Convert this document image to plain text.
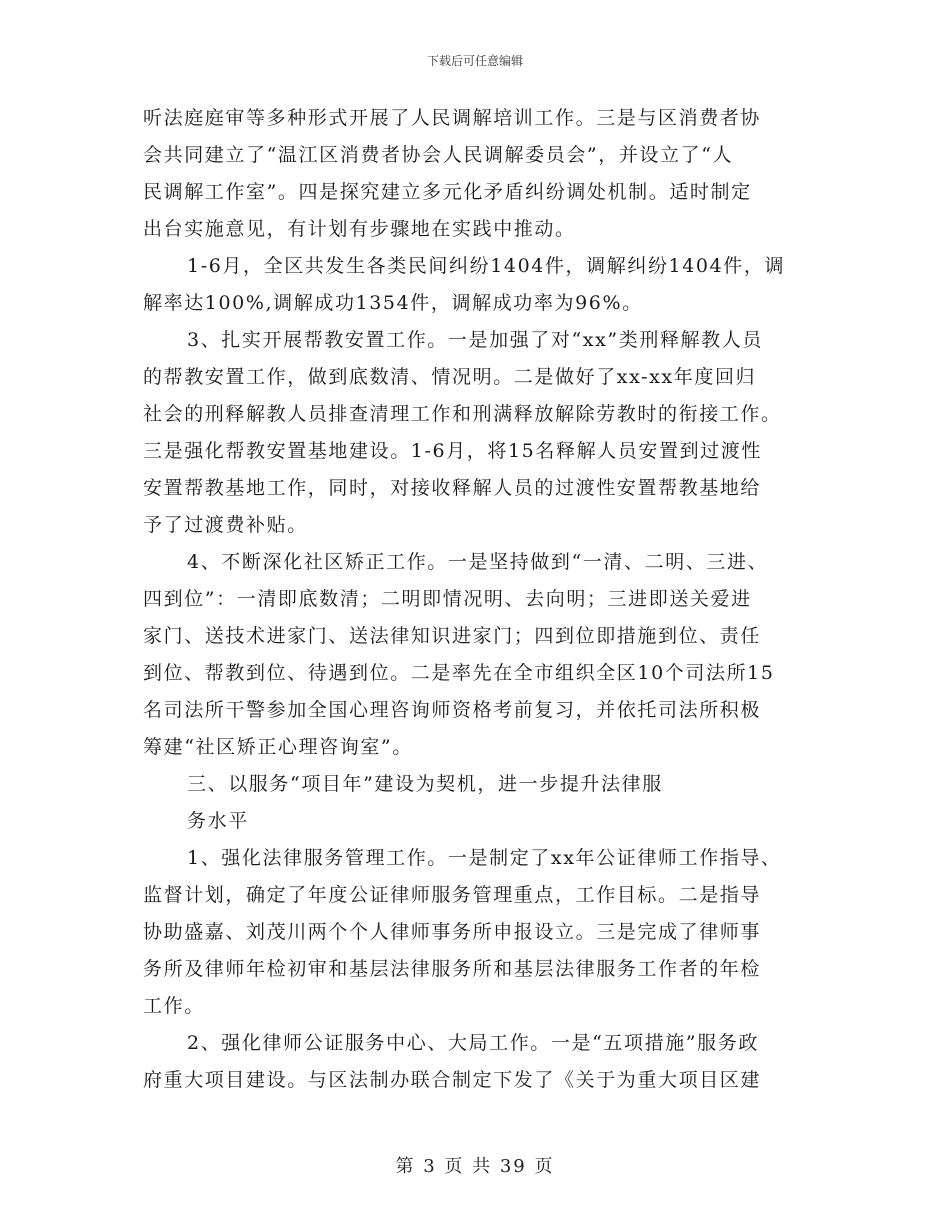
下载后可任意编辑
听法庭庭审等多种形式开展了人民调解培训工作。三是与区消费者协
会共同建立了“温江区消费者协会人民调解委员会”，并设立了“人
民调解工作室”。四是探究建立多元化矛盾纠纷调处机制。适时制定
出台实施意见，有计划有步骤地在实践中推动。
1-6月，全区共发生各类民间纠纷1404件，调解纠纷1404件，调
解率达100%,调解成功1354件，调解成功率为96%。
3、扎实开展帮教安置工作。一是加强了对“xx”类刑释解教人员
的帮教安置工作，做到底数清、情况明。二是做好了xx-xx年度回归
社会的刑释解教人员排查清理工作和刑满释放解除劳教时的衔接工作。
三是强化帮教安置基地建设。1-6月，将15名释解人员安置到过渡性
安置帮教基地工作，同时，对接收释解人员的过渡性安置帮教基地给
予了过渡费补贴。
4、不断深化社区矫正工作。一是坚持做到“一清、二明、三进、
四到位”：一清即底数清；二明即情况明、去向明；三进即送关爱进
家门、送技术进家门、送法律知识进家门；四到位即措施到位、责任
到位、帮教到位、待遇到位。二是率先在全市组织全区10个司法所15
名司法所干警参加全国心理咨询师资格考前复习，并依托司法所积极
筹建“社区矫正心理咨询室”。
三、以服务“项目年”建设为契机，进一步提升法律服
务水平
1、强化法律服务管理工作。一是制定了xx年公证律师工作指导、
监督计划，确定了年度公证律师服务管理重点，工作目标。二是指导
协助盛嘉、刘茂川两个个人律师事务所申报设立。三是完成了律师事
务所及律师年检初审和基层法律服务所和基层法律服务工作者的年检
工作。
2、强化律师公证服务中心、大局工作。一是“五项措施”服务政
府重大项目建设。与区法制办联合制定下发了《关于为重大项目区建
第 3 页 共 39 页
